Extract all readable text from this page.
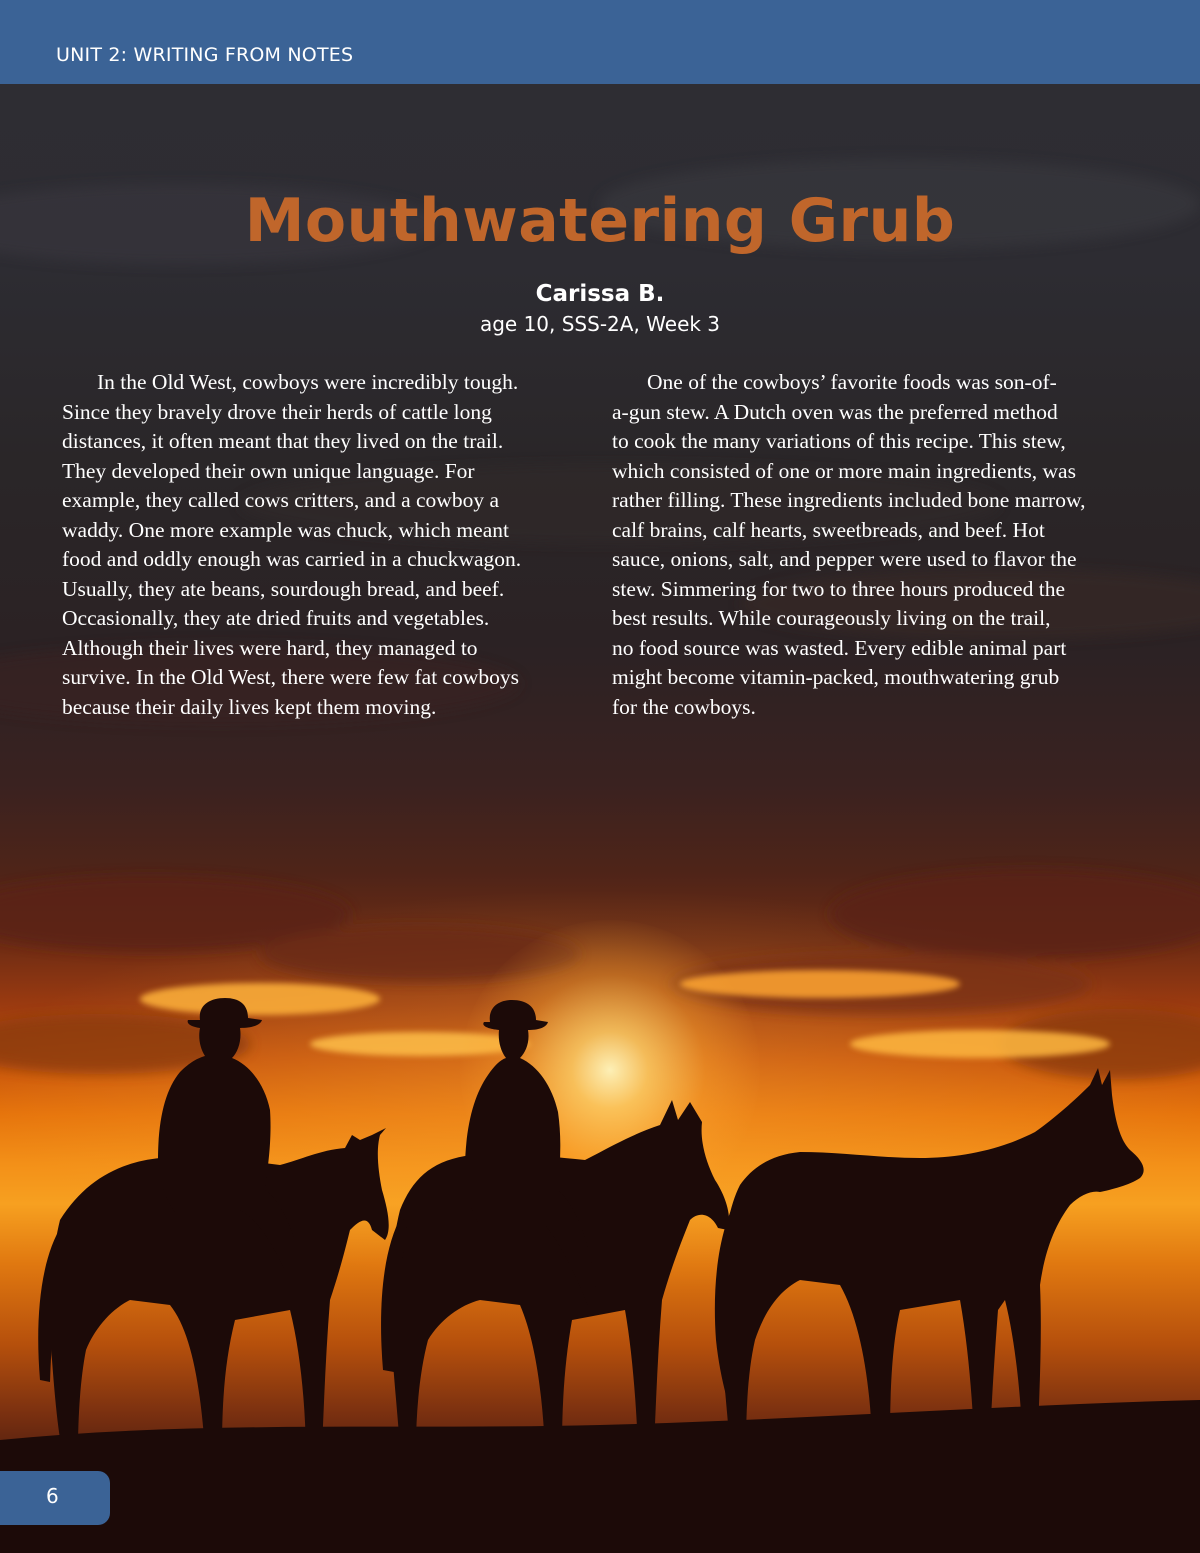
UNIT 2: WRITING FROM NOTES
Mouthwatering Grub
Carissa B.
age 10, SSS-2A, Week 3
In the Old West, cowboys were incredibly tough.
Since they bravely drove their herds of cattle long
distances, it often meant that they lived on the trail.
They developed their own unique language. For
example, they called cows critters, and a cowboy a
waddy. One more example was chuck, which meant
food and oddly enough was carried in a chuckwagon.
Usually, they ate beans, sourdough bread, and beef.
Occasionally, they ate dried fruits and vegetables.
Although their lives were hard, they managed to
survive. In the Old West, there were few fat cowboys
because their daily lives kept them moving.
One of the cowboys’ favorite foods was son-of-
a-gun stew. A Dutch oven was the preferred method
to cook the many variations of this recipe. This stew,
which consisted of one or more main ingredients, was
rather filling. These ingredients included bone marrow,
calf brains, calf hearts, sweetbreads, and beef. Hot
sauce, onions, salt, and pepper were used to flavor the
stew. Simmering for two to three hours produced the
best results. While courageously living on the trail,
no food source was wasted. Every edible animal part
might become vitamin-packed, mouthwatering grub
for the cowboys.
6
